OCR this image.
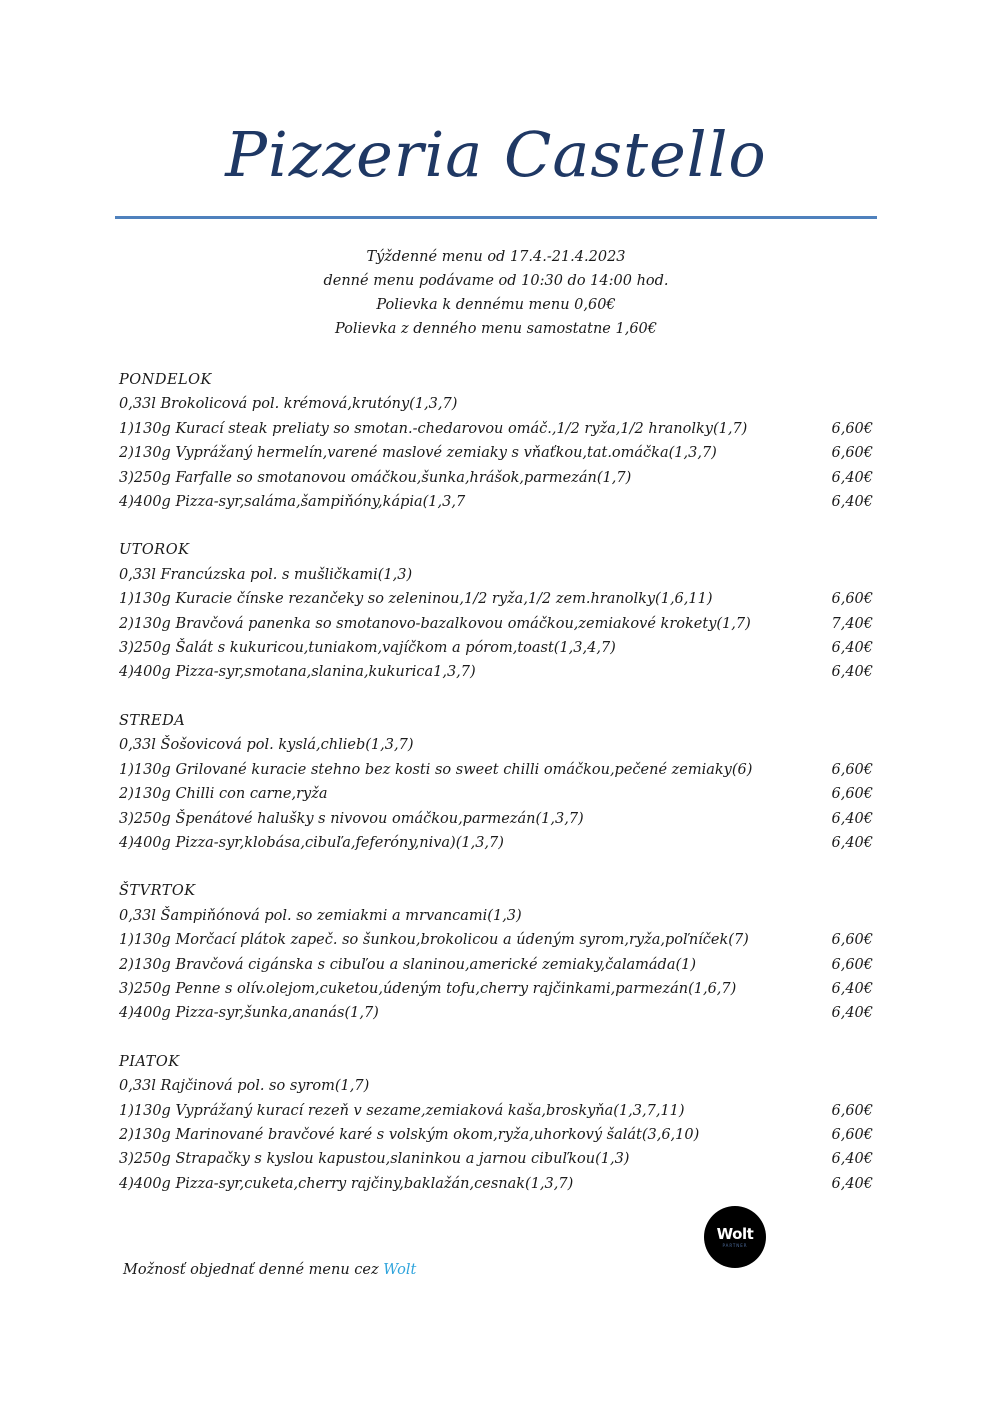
Pizzeria Castello
Týždenné menu od 17.4.-21.4.2023
denné menu podávame od 10:30 do 14:00 hod.
Polievka k dennému menu 0,60€
Polievka z denného menu samostatne 1,60€
PONDELOK
0,33l Brokolicová pol. krémová,krutóny(1,3,7)
1)130g Kurací steak preliaty so smotan.-chedarovou omáč.,1/2 ryža,1/2 hranolky(1,7)	6,60€
2)130g Vyprážaný hermelín,varené maslové zemiaky s vňaťkou,tat.omáčka(1,3,7)	6,60€
3)250g Farfalle so smotanovou omáčkou,šunka,hrášok,parmezán(1,7)	6,40€
4)400g Pizza-syr,saláma,šampiňóny,kápia(1,3,7	6,40€
UTOROK
0,33l Francúzska pol. s mušličkami(1,3)
1)130g Kuracie čínske rezančeky so zeleninou,1/2 ryža,1/2 zem.hranolky(1,6,11)	6,60€
2)130g Bravčová panenka so smotanovo-bazalkovou omáčkou,zemiakové krokety(1,7)	7,40€
3)250g Šalát s kukuricou,tuniakom,vajíčkom a pórom,toast(1,3,4,7)	6,40€
4)400g Pizza-syr,smotana,slanina,kukurica1,3,7)	6,40€
STREDA
0,33l Šošovicová pol. kyslá,chlieb(1,3,7)
1)130g Grilované kuracie stehno bez kosti so sweet chilli omáčkou,pečené zemiaky(6)	6,60€
2)130g Chilli con carne,ryža	6,60€
3)250g Špenátové halušky s nivovou omáčkou,parmezán(1,3,7)	6,40€
4)400g Pizza-syr,klobása,cibuľa,feferóny,niva)(1,3,7)	6,40€
ŠTVRTOK
0,33l Šampiňónová pol. so zemiakmi a mrvancami(1,3)
1)130g Morčací plátok zapeč. so šunkou,brokolicou a údeným syrom,ryža,poľníček(7)	6,60€
2)130g Bravčová cigánska s cibuľou a slaninou,americké zemiaky,čalamáda(1)	6,60€
3)250g Penne s olív.olejom,cuketou,údeným tofu,cherry rajčinkami,parmezán(1,6,7)	6,40€
4)400g Pizza-syr,šunka,ananás(1,7)	6,40€
PIATOK
0,33l Rajčinová pol. so syrom(1,7)
1)130g Vyprážaný kurací rezeň v sezame,zemiaková kaša,broskyňa(1,3,7,11)	6,60€
2)130g Marinované bravčové karé s volským okom,ryža,uhorkový šalát(3,6,10)	6,60€
3)250g Strapačky s kyslou kapustou,slaninkou a jarnou cibuľkou(1,3)	6,40€
4)400g Pizza-syr,cuketa,cherry rajčiny,baklažán,cesnak(1,3,7)	6,40€
Wolt
PARTNER
Možnosť objednať denné menu cez Wolt
